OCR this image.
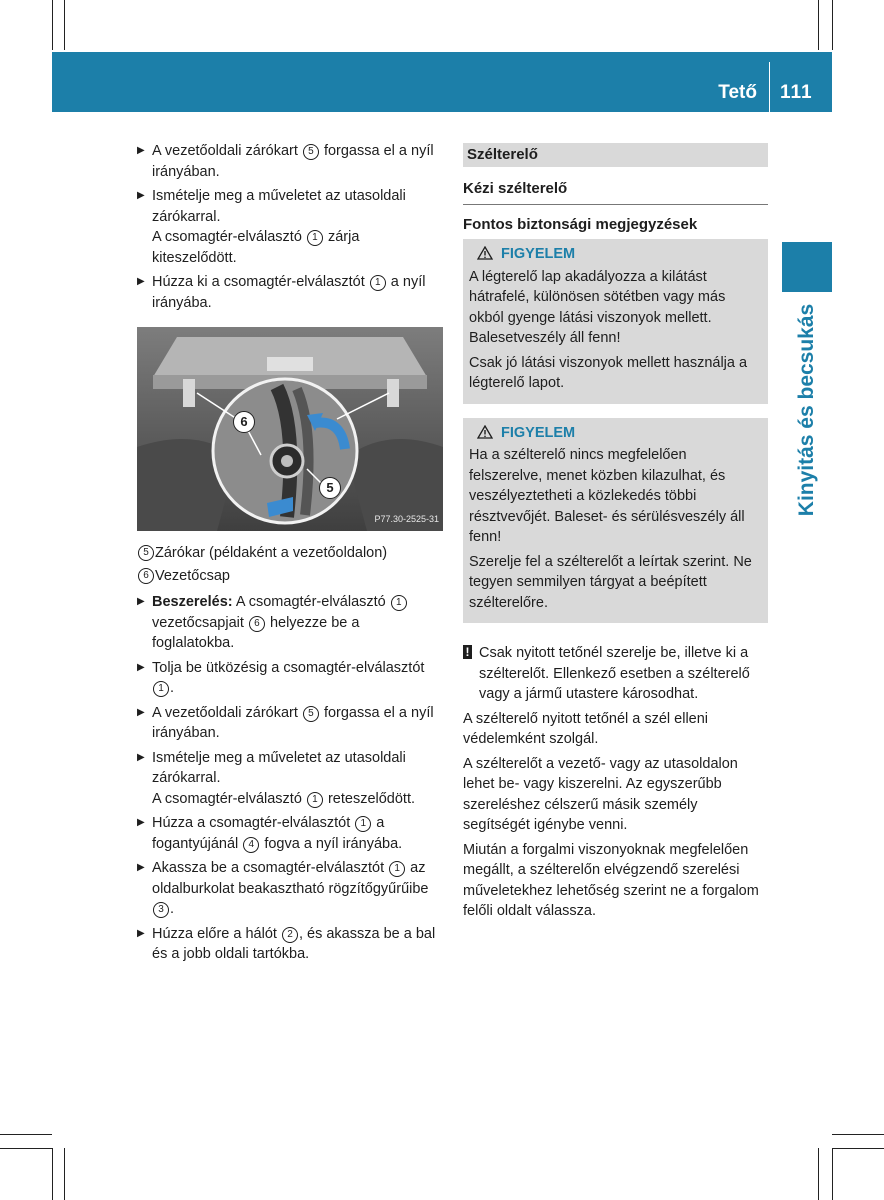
Tető 111
Kinyitás és becsukás
▶ A vezetőoldali zárókart 5 forgassa el a nyíl irányában.
▶ Ismételje meg a műveletet az utasoldali zárókarral.
A csomagtér-elválasztó 1 zárja kiteszelődött.
▶ Húzza ki a csomagtér-elválasztót 1 a nyíl irányába.
6
5
P77.30-2525-31
5 Zárókar (példaként a vezetőoldalon)
6 Vezetőcsap
▶ Beszerelés: A csomagtér-elválasztó 1 vezetőcsapjait 6 helyezze be a foglalatokba.
▶ Tolja be ütközésig a csomagtér-elválasztót 1 .
▶ A vezetőoldali zárókart 5 forgassa el a nyíl irányában.
▶ Ismételje meg a műveletet az utasoldali zárókarral.
A csomagtér-elválasztó 1 reteszelődött.
▶ Húzza a csomagtér-elválasztót 1 a fogantyújánál 4 fogva a nyíl irányába.
▶ Akassza be a csomagtér-elválasztót 1 az oldalburkolat beakasztható rögzítőgyűrűibe 3 .
▶ Húzza előre a hálót 2 , és akassza be a bal és a jobb oldali tartókba.
Szélterelő
Kézi szélterelő
Fontos biztonsági megjegyzések
FIGYELEM

A légterelő lap akadályozza a kilátást hátrafelé, különösen sötétben vagy más okból gyenge látási viszonyok mellett. Balesetveszély áll fenn!

Csak jó látási viszonyok mellett használja a légterelő lapot.

FIGYELEM

Ha a szélterelő nincs megfelelően felszerelve, menet közben kilazulhat, és veszélyeztetheti a közlekedés többi résztvevőjét. Baleset- és sérülésveszély áll fenn!

Szerelje fel a szélterelőt a leírtak szerint. Ne tegyen semmilyen tárgyat a beépített szélterelőre.

! Csak nyitott tetőnél szerelje be, illetve ki a szélterelőt. Ellenkező esetben a szélterelő vagy a jármű utastere károsodhat.
A szélterelő nyitott tetőnél a szél elleni védelemként szolgál.
A szélterelőt a vezető- vagy az utasoldalon lehet be- vagy kiszerelni. Az egyszerűbb szereléshez célszerű másik személy segítségét igénybe venni.
Miután a forgalmi viszonyoknak megfelelően megállt, a szélterelőn elvégzendő szerelési műveletekhez lehetőség szerint ne a forgalom felőli oldalt válassza.
